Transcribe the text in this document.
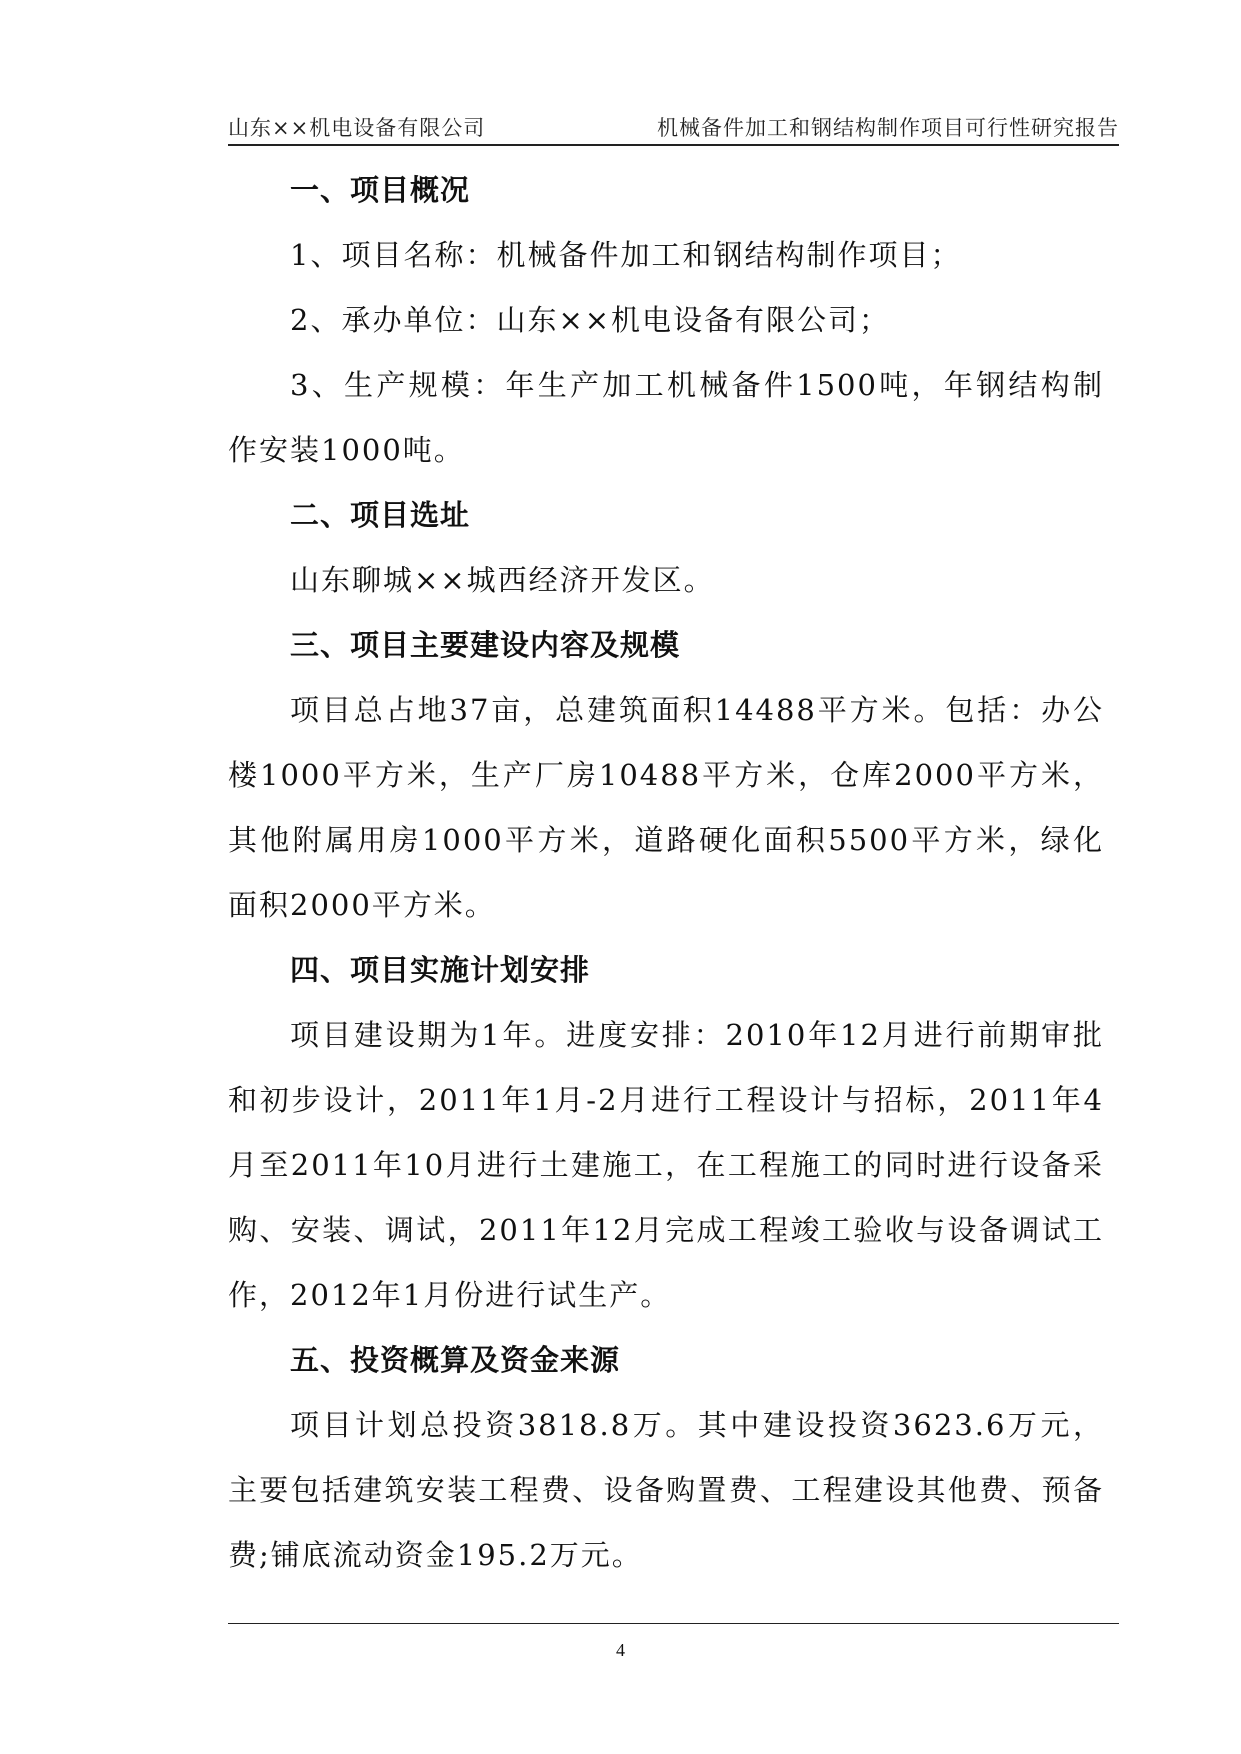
山东××机电设备有限公司	机械备件加工和钢结构制作项目可行性研究报告
一、项目概况

1、项目名称：机械备件加工和钢结构制作项目；

2、承办单位：山东××机电设备有限公司；

3、生产规模：年生产加工机械备件1500吨，年钢结构制作安装1000吨。

二、项目选址

山东聊城××城西经济开发区。

三、项目主要建设内容及规模

项目总占地37亩，总建筑面积14488平方米。包括：办公楼1000平方米，生产厂房10488平方米，仓库2000平方米，其他附属用房1000平方米，道路硬化面积5500平方米，绿化面积2000平方米。

四、项目实施计划安排

项目建设期为1年。进度安排：2010年12月进行前期审批和初步设计，2011年1月-2月进行工程设计与招标，2011年4月至2011年10月进行土建施工，在工程施工的同时进行设备采购、安装、调试，2011年12月完成工程竣工验收与设备调试工作，2012年1月份进行试生产。

五、投资概算及资金来源

项目计划总投资3818.8万。其中建设投资3623.6万元，主要包括建筑安装工程费、设备购置费、工程建设其他费、预备费;铺底流动资金195.2万元。

4
